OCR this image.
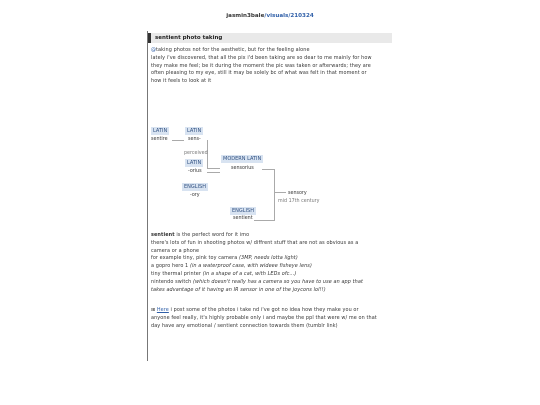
jasmin3bale/visuals/210324
sentient photo taking
@taking photos not for the aesthetic, but for the feeling alone
lately i've discovered, that all the pix i'd been taking are so dear to me mainly for how
they make me feel; be it during the moment the pic was taken or afterwards; they are
often pleasing to my eye, still it may be solely bc of what was felt in that moment or
how it feels to look at it
LATIN
sentire
LATIN
sens-
perceived
LATIN
-orius
ENGLISH
-ory
MODERN LATIN
sensorius
sensory
mid 17th century
ENGLISH
sentient
sentient is the perfect word for it imo
there's lots of fun in shooting photos w/ diffrent stuff that are not as obvious as a
camera or a phone
for example tiny, pink toy camera (3MP, needs lotta light)
a gopro hero 1 (in a waterproof case, with wideee fisheye lens)
tiny thermal printer (in a shape of a cat, with LEDs ofc...)
nintendo switch (which doesn't really has a camera so you have to use an app that
takes advantage of it having an IR sensor in one of the joycons lol!!)
⊞ Here i post some of the photos i take nd i've got no idea how they make you or
anyone feel really, it's highly probable only i and maybe the ppl that were w/ me on that
day have any emotional / sentient connection towards them (tumblr link)
